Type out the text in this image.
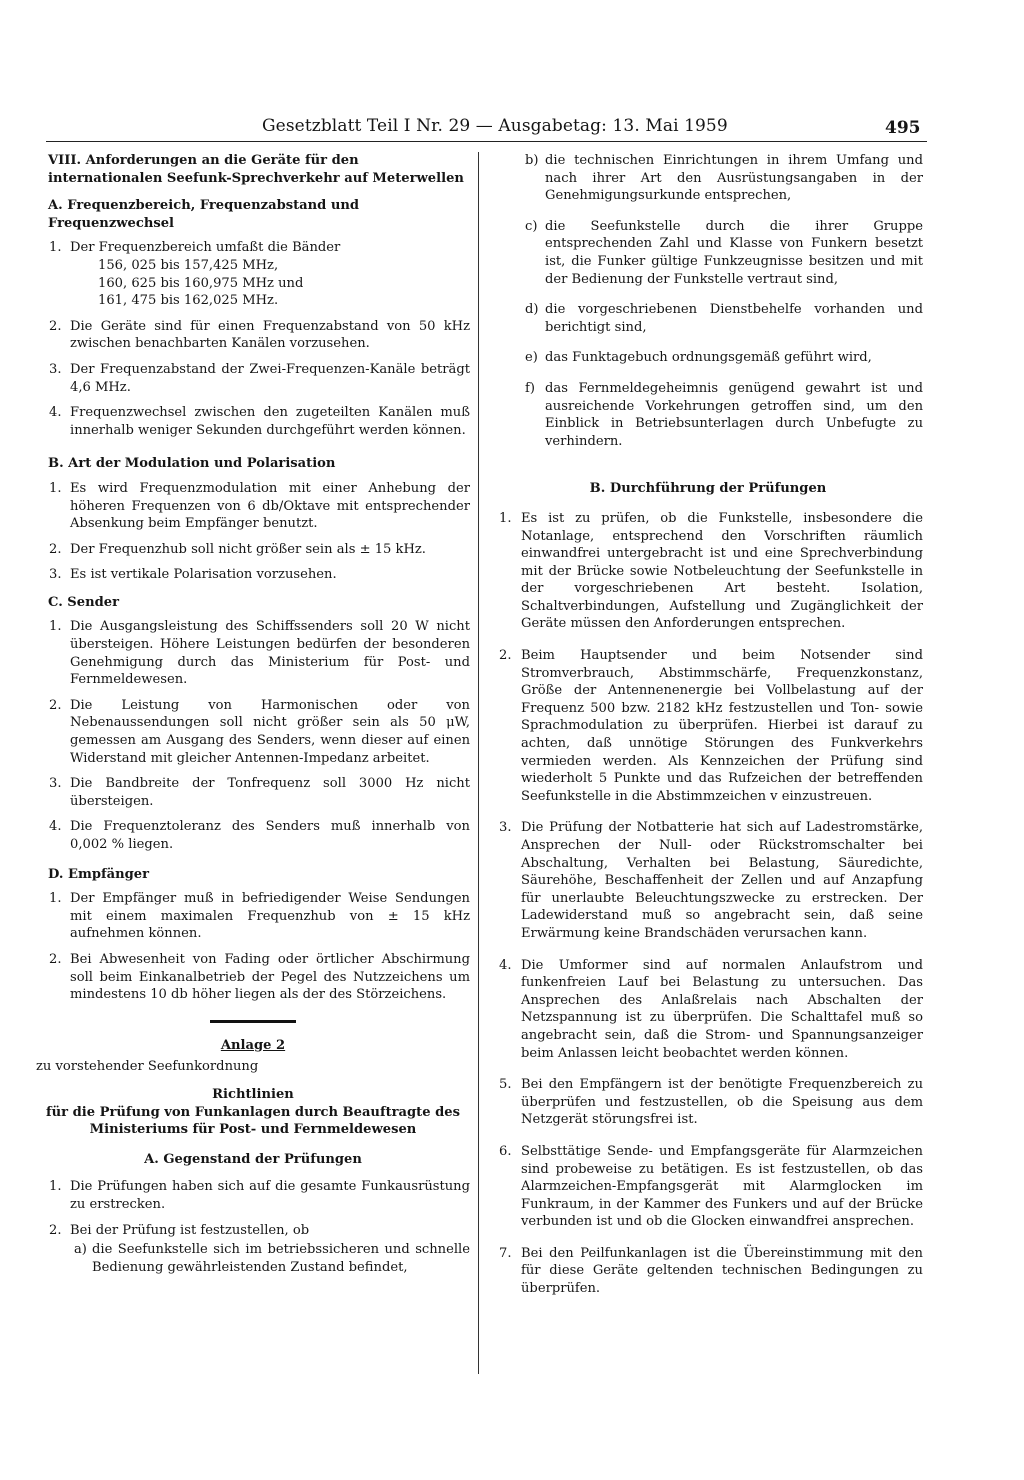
Gesetzblatt Teil I Nr. 29 — Ausgabetag: 13. Mai 1959	495
VIII. Anforderungen an die Geräte für den internationalen Seefunk-Sprechverkehr auf Meterwellen
A. Frequenzbereich, Frequenzabstand und Frequenzwechsel
1. Der Frequenzbereich umfaßt die Bänder
156, 025 bis 157,425 MHz,
160, 625 bis 160,975 MHz und
161, 475 bis 162,025 MHz.
2. Die Geräte sind für einen Frequenzabstand von 50 kHz zwischen benachbarten Kanälen vorzusehen.
3. Der Frequenzabstand der Zwei-Frequenzen-Kanäle beträgt 4,6 MHz.
4. Frequenzwechsel zwischen den zugeteilten Kanälen muß innerhalb weniger Sekunden durchgeführt werden können.
B. Art der Modulation und Polarisation
1. Es wird Frequenzmodulation mit einer Anhebung der höheren Frequenzen von 6 db/Oktave mit entsprechender Absenkung beim Empfänger benutzt.
2. Der Frequenzhub soll nicht größer sein als ± 15 kHz.
3. Es ist vertikale Polarisation vorzusehen.
C. Sender
1. Die Ausgangsleistung des Schiffssenders soll 20 W nicht übersteigen. Höhere Leistungen bedürfen der besonderen Genehmigung durch das Ministerium für Post- und Fernmeldewesen.
2. Die Leistung von Harmonischen oder von Nebenaussendungen soll nicht größer sein als 50 μW, gemessen am Ausgang des Senders, wenn dieser auf einen Widerstand mit gleicher Antennen-Impedanz arbeitet.
3. Die Bandbreite der Tonfrequenz soll 3000 Hz nicht übersteigen.
4. Die Frequenztoleranz des Senders muß innerhalb von 0,002 % liegen.
D. Empfänger
1. Der Empfänger muß in befriedigender Weise Sendungen mit einem maximalen Frequenzhub von ± 15 kHz aufnehmen können.
2. Bei Abwesenheit von Fading oder örtlicher Abschirmung soll beim Einkanalbetrieb der Pegel des Nutzzeichens um mindestens 10 db höher liegen als der des Störzeichens.
Anlage 2
zu vorstehender Seefunkordnung
Richtlinien
für die Prüfung von Funkanlagen durch Beauftragte des Ministeriums für Post- und Fernmeldewesen
A. Gegenstand der Prüfungen
1. Die Prüfungen haben sich auf die gesamte Funkausrüstung zu erstrecken.
2. Bei der Prüfung ist festzustellen, ob
a) die Seefunkstelle sich im betriebssicheren und schnelle Bedienung gewährleistenden Zustand befindet,
b) die technischen Einrichtungen in ihrem Umfang und nach ihrer Art den Ausrüstungsangaben in der Genehmigungsurkunde entsprechen,
c) die Seefunkstelle durch die ihrer Gruppe entsprechenden Zahl und Klasse von Funkern besetzt ist, die Funker gültige Funkzeugnisse besitzen und mit der Bedienung der Funkstelle vertraut sind,
d) die vorgeschriebenen Dienstbehelfe vorhanden und berichtigt sind,
e) das Funktagebuch ordnungsgemäß geführt wird,
f) das Fernmeldegeheimnis genügend gewahrt ist und ausreichende Vorkehrungen getroffen sind, um den Einblick in Betriebsunterlagen durch Unbefugte zu verhindern.
B. Durchführung der Prüfungen
1. Es ist zu prüfen, ob die Funkstelle, insbesondere die Notanlage, entsprechend den Vorschriften räumlich einwandfrei untergebracht ist und eine Sprechverbindung mit der Brücke sowie Notbeleuchtung der Seefunkstelle in der vorgeschriebenen Art besteht. Isolation, Schaltverbindungen, Aufstellung und Zugänglichkeit der Geräte müssen den Anforderungen entsprechen.
2. Beim Hauptsender und beim Notsender sind Stromverbrauch, Abstimmschärfe, Frequenzkonstanz, Größe der Antennenenergie bei Vollbelastung auf der Frequenz 500 bzw. 2182 kHz festzustellen und Ton- sowie Sprachmodulation zu überprüfen. Hierbei ist darauf zu achten, daß unnötige Störungen des Funkverkehrs vermieden werden. Als Kennzeichen der Prüfung sind wiederholt 5 Punkte und das Rufzeichen der betreffenden Seefunkstelle in die Abstimmzeichen v einzustreuen.
3. Die Prüfung der Notbatterie hat sich auf Ladestromstärke, Ansprechen der Null- oder Rückstromschalter bei Abschaltung, Verhalten bei Belastung, Säuredichte, Säurehöhe, Beschaffenheit der Zellen und auf Anzapfung für unerlaubte Beleuchtungszwecke zu erstrecken. Der Ladewiderstand muß so angebracht sein, daß seine Erwärmung keine Brandschäden verursachen kann.
4. Die Umformer sind auf normalen Anlaufstrom und funkenfreien Lauf bei Belastung zu untersuchen. Das Ansprechen des Anlaßrelais nach Abschalten der Netzspannung ist zu überprüfen. Die Schalttafel muß so angebracht sein, daß die Strom- und Spannungsanzeiger beim Anlassen leicht beobachtet werden können.
5. Bei den Empfängern ist der benötigte Frequenzbereich zu überprüfen und festzustellen, ob die Speisung aus dem Netzgerät störungsfrei ist.
6. Selbsttätige Sende- und Empfangsgeräte für Alarmzeichen sind probeweise zu betätigen. Es ist festzustellen, ob das Alarmzeichen-Empfangsgerät mit Alarmglocken im Funkraum, in der Kammer des Funkers und auf der Brücke verbunden ist und ob die Glocken einwandfrei ansprechen.
7. Bei den Peilfunkanlagen ist die Übereinstimmung mit den für diese Geräte geltenden technischen Bedingungen zu überprüfen.
